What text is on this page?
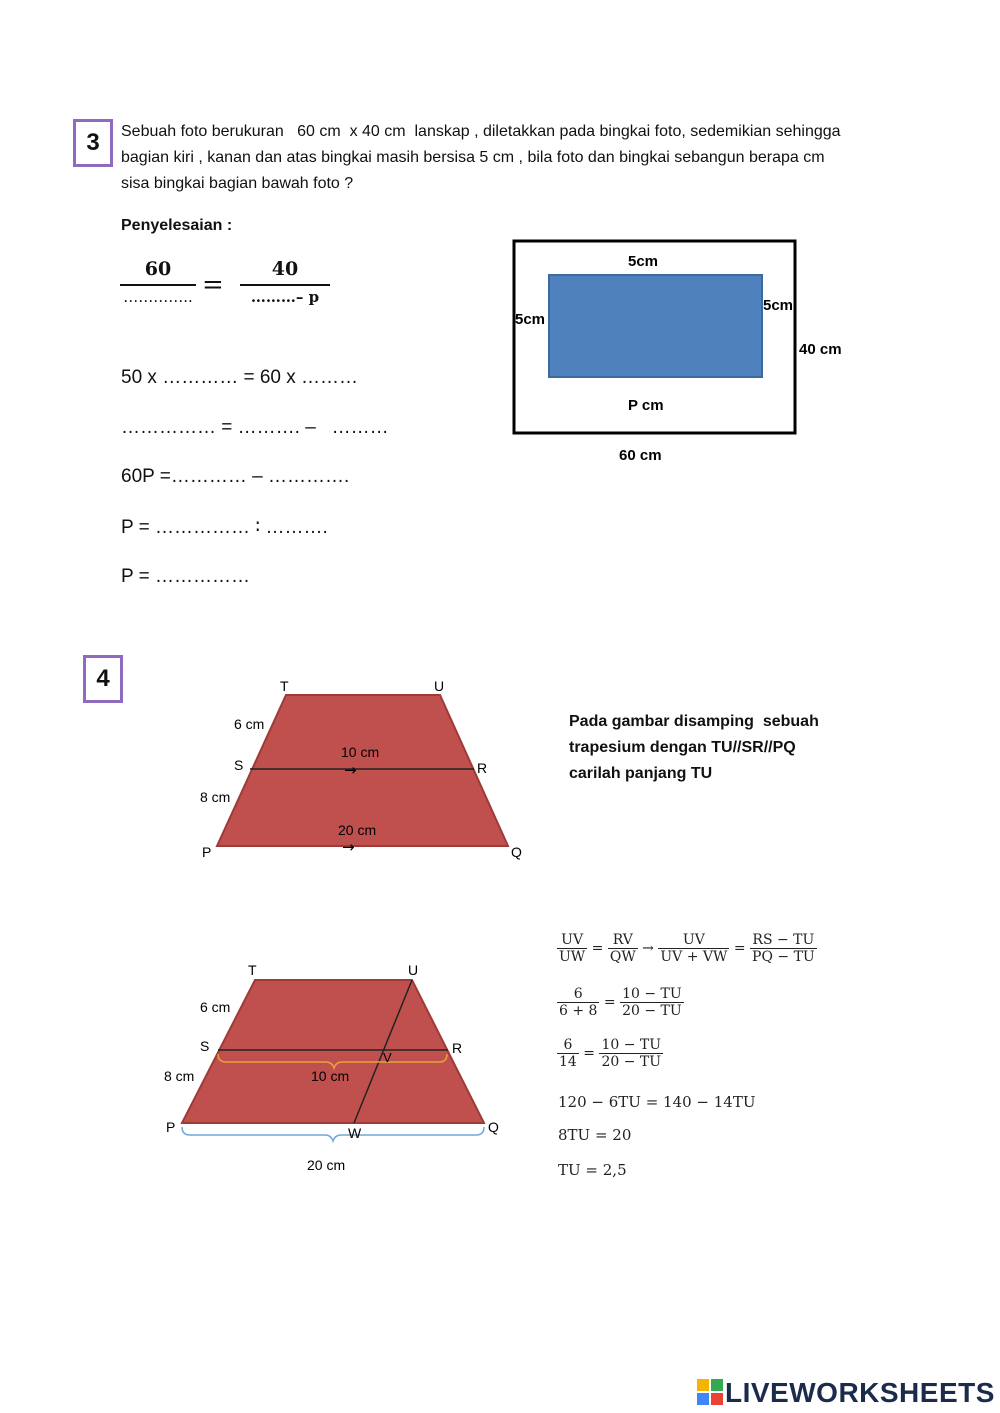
3	Sebuah foto berukuran   60 cm  x 40 cm  lanskap , diletakkan pada bingkai foto, sedemikian sehingga
bagian kiri , kanan dan atas bingkai masih bersisa 5 cm , bila foto dan bingkai sebangun berapa cm
sisa bingkai bagian bawah foto ?
Penyelesaian :
60
………….. =
40
………– p
50 x ………… = 60 x ………
…………… = ………. –   ………
60P =………… – ………….
P = …………… ∶ ……….
P = ……………
5cm
5cm
5cm
40 cm
P cm
60 cm
4	T	U
S	R
P	Q
6 cm
8 cm
10 cm
→
20 cm
→
Pada gambar disamping  sebuah
trapesium dengan TU//SR//PQ
carilah panjang TU
T	U
S	R
P	Q
V
W
6 cm
8 cm	10 cm
20 cm
$\frac{UV}{UW} = \frac{RV}{QW} \to \frac{UV}{UV + VW} = \frac{RS - TU}{PQ - TU}$
$\frac{6}{6 + 8} = \frac{10 - TU}{20 - TU}$
$\frac{6}{14} = \frac{10 - TU}{20 - TU}$
120 − 6TU = 140 − 14TU
8TU = 20
TU = 2,5
LIVEWORKSHEETS
